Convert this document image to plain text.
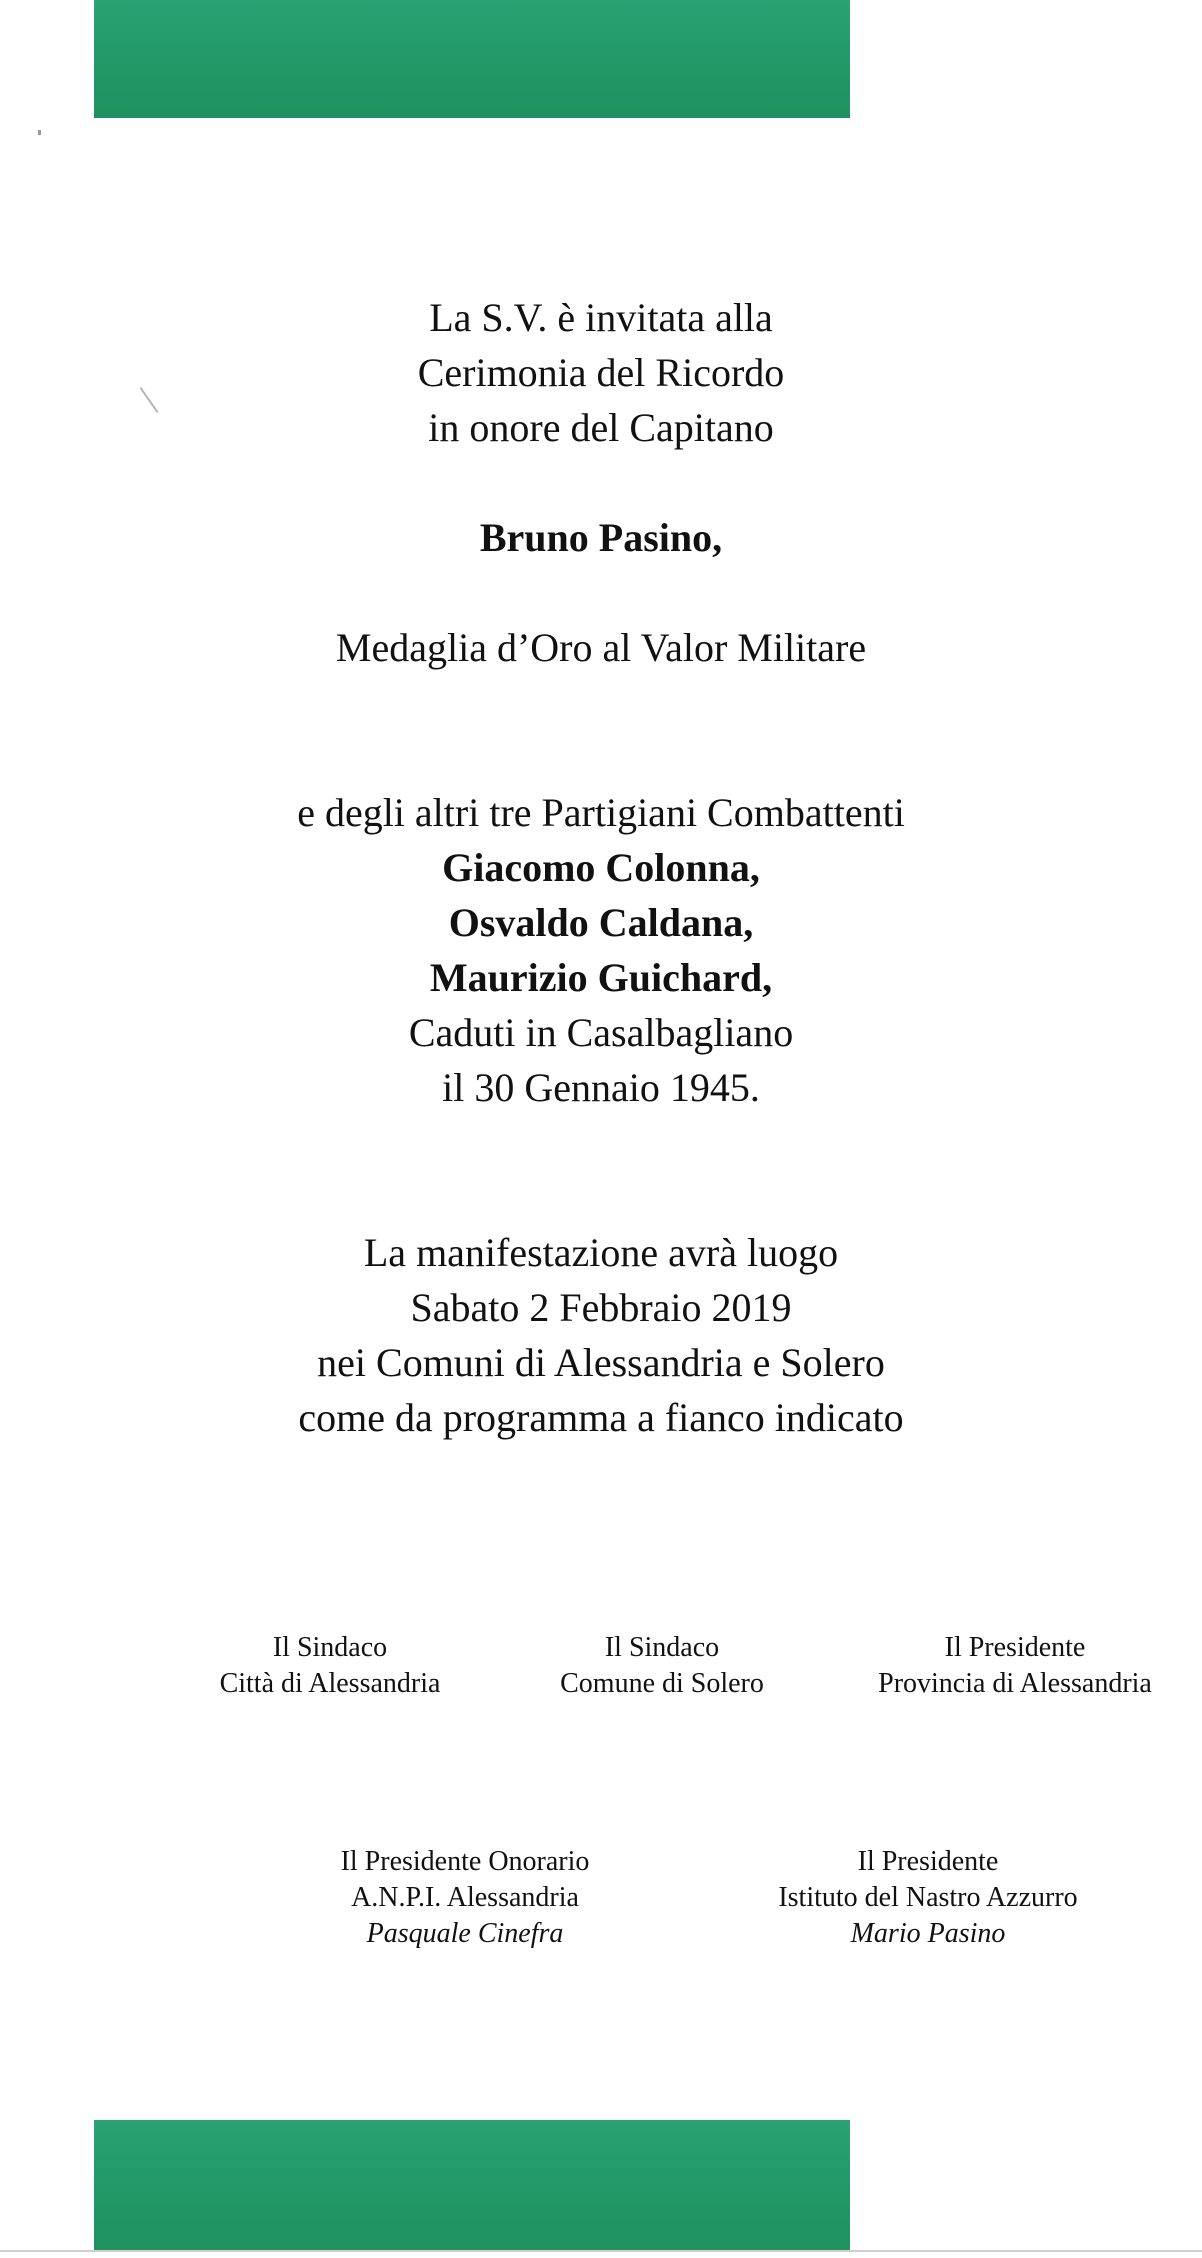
La S.V. è invitata alla
Cerimonia del Ricordo
in onore del Capitano
Bruno Pasino,
Medaglia d’Oro al Valor Militare
e degli altri tre Partigiani Combattenti
Giacomo Colonna,
Osvaldo Caldana,
Maurizio Guichard,
Caduti in Casalbagliano
il 30 Gennaio 1945.
La manifestazione avrà luogo
Sabato 2 Febbraio 2019
nei Comuni di Alessandria e Solero
come da programma a fianco indicato
Il Sindaco
Città di Alessandria
Il Sindaco
Comune di Solero
Il Presidente
Provincia di Alessandria
Il Presidente Onorario
A.N.P.I. Alessandria
Pasquale Cinefra
Il Presidente
Istituto del Nastro Azzurro
Mario Pasino
